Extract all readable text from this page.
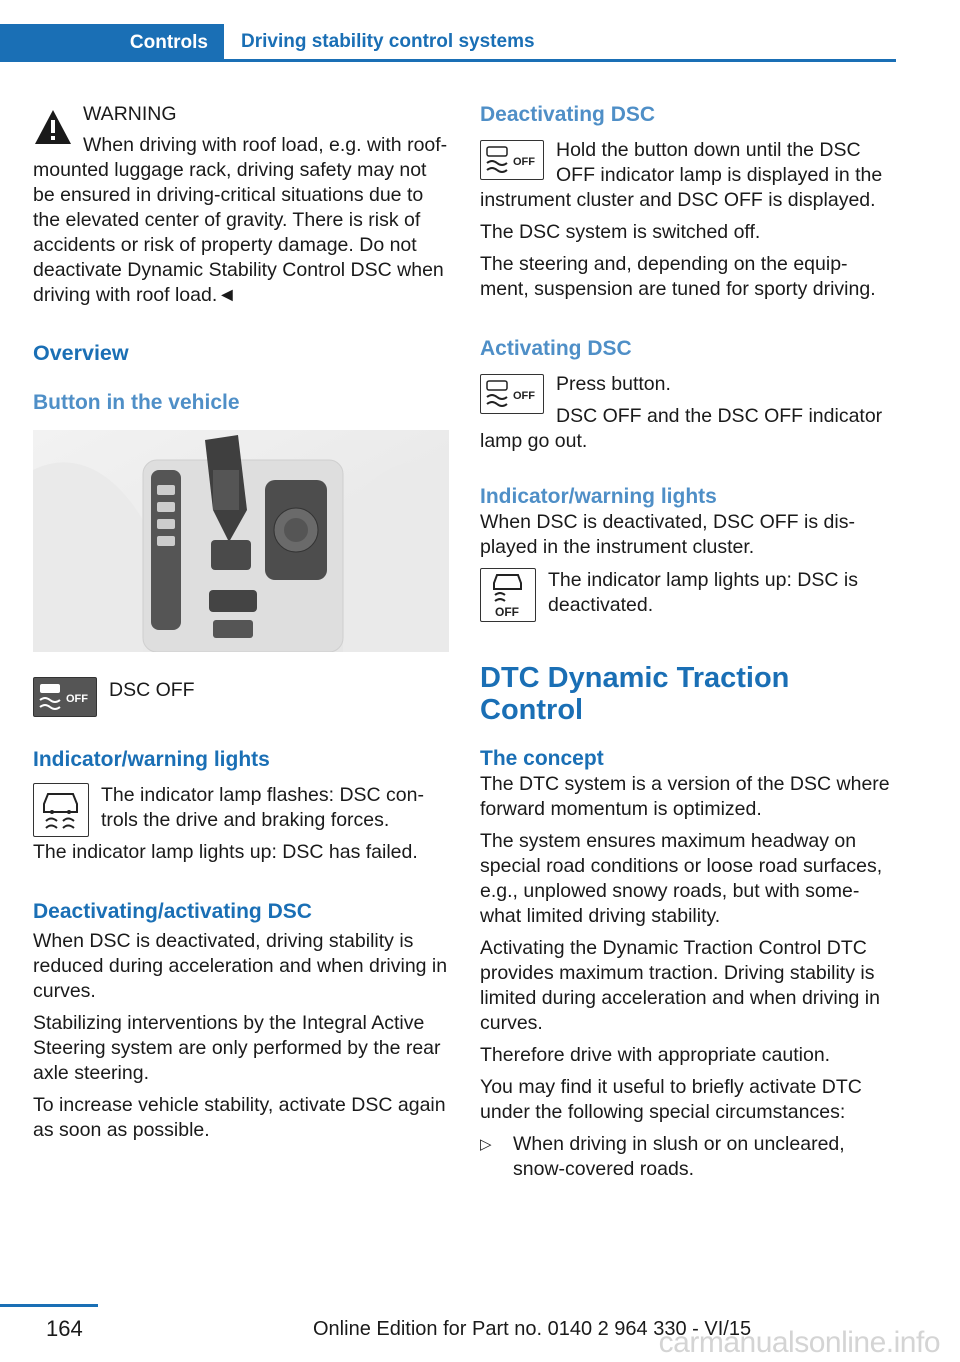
Controls	Driving stability control systems

WARNING

When driving with roof load, e.g. with roof-mounted luggage rack, driving safety may not be ensured in driving-critical situations due to the elevated center of gravity. There is risk of accidents or risk of property damage. Do not deactivate Dynamic Stability Control DSC when driving with roof load.◄

Overview

Button in the vehicle

OFF	DSC OFF

Indicator/warning lights

The indicator lamp flashes: DSC con-trols the drive and braking forces.

The indicator lamp lights up: DSC has failed.

Deactivating/activating DSC

When DSC is deactivated, driving stability is reduced during acceleration and when driving in curves.

Stabilizing interventions by the Integral Active Steering system are only performed by the rear axle steering.

To increase vehicle stability, activate DSC again as soon as possible.

Deactivating DSC

OFF

Hold the button down until the DSC OFF indicator lamp is displayed in the instrument cluster and DSC OFF is displayed.

The DSC system is switched off.

The steering and, depending on the equip-ment, suspension are tuned for sporty driving.

Activating DSC

OFF

Press button.

DSC OFF and the DSC OFF indicator lamp go out.

Indicator/warning lights

When DSC is deactivated, DSC OFF is dis-played in the instrument cluster.

OFF

The indicator lamp lights up: DSC is deactivated.

DTC Dynamic Traction Control

The concept

The DTC system is a version of the DSC where forward momentum is optimized.

The system ensures maximum headway on special road conditions or loose road surfaces, e.g., unplowed snowy roads, but with some-what limited driving stability.

Activating the Dynamic Traction Control DTC provides maximum traction. Driving stability is limited during acceleration and when driving in curves.

Therefore drive with appropriate caution.

You may find it useful to briefly activate DTC under the following special circumstances:

▷	When driving in slush or on uncleared, snow-covered roads.

164	Online Edition for Part no. 0140 2 964 330 - VI/15
carmanualsonline.info
